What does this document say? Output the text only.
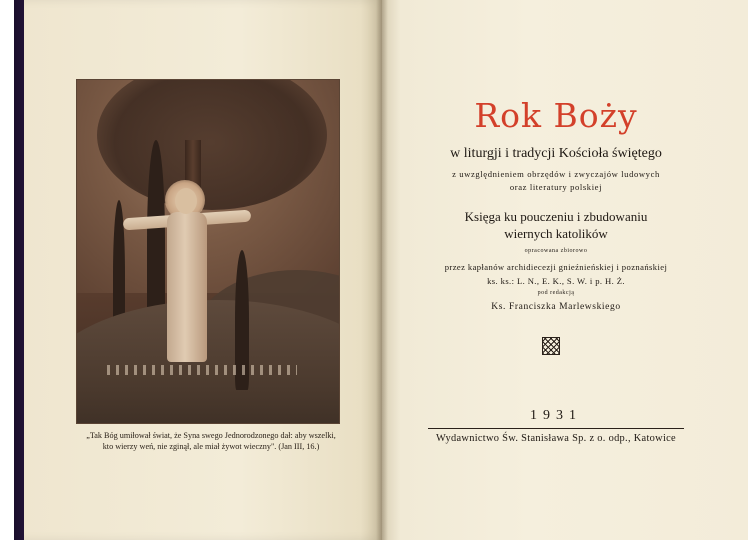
„Tak Bóg umiłował świat, że Syna swego Jednorodzonego dał: aby wszelki,
kto wierzy weń, nie zginął, ale miał żywot wieczny". (Jan III, 16.)
Rok Boży
w liturgji i tradycji Kościoła świętego
z uwzględnieniem obrzędów i zwyczajów ludowych
oraz literatury polskiej
Księga ku pouczeniu i zbudowaniu
wiernych katolików
opracowana zbiorowo
przez kapłanów archidiecezji gnieźnieńskiej i poznańskiej
ks. ks.: L. N., E. K., S. W. i p. H. Ż.
pod redakcją
Ks. Franciszka Marlewskiego
1931
Wydawnictwo Św. Stanisława Sp. z o. odp., Katowice
